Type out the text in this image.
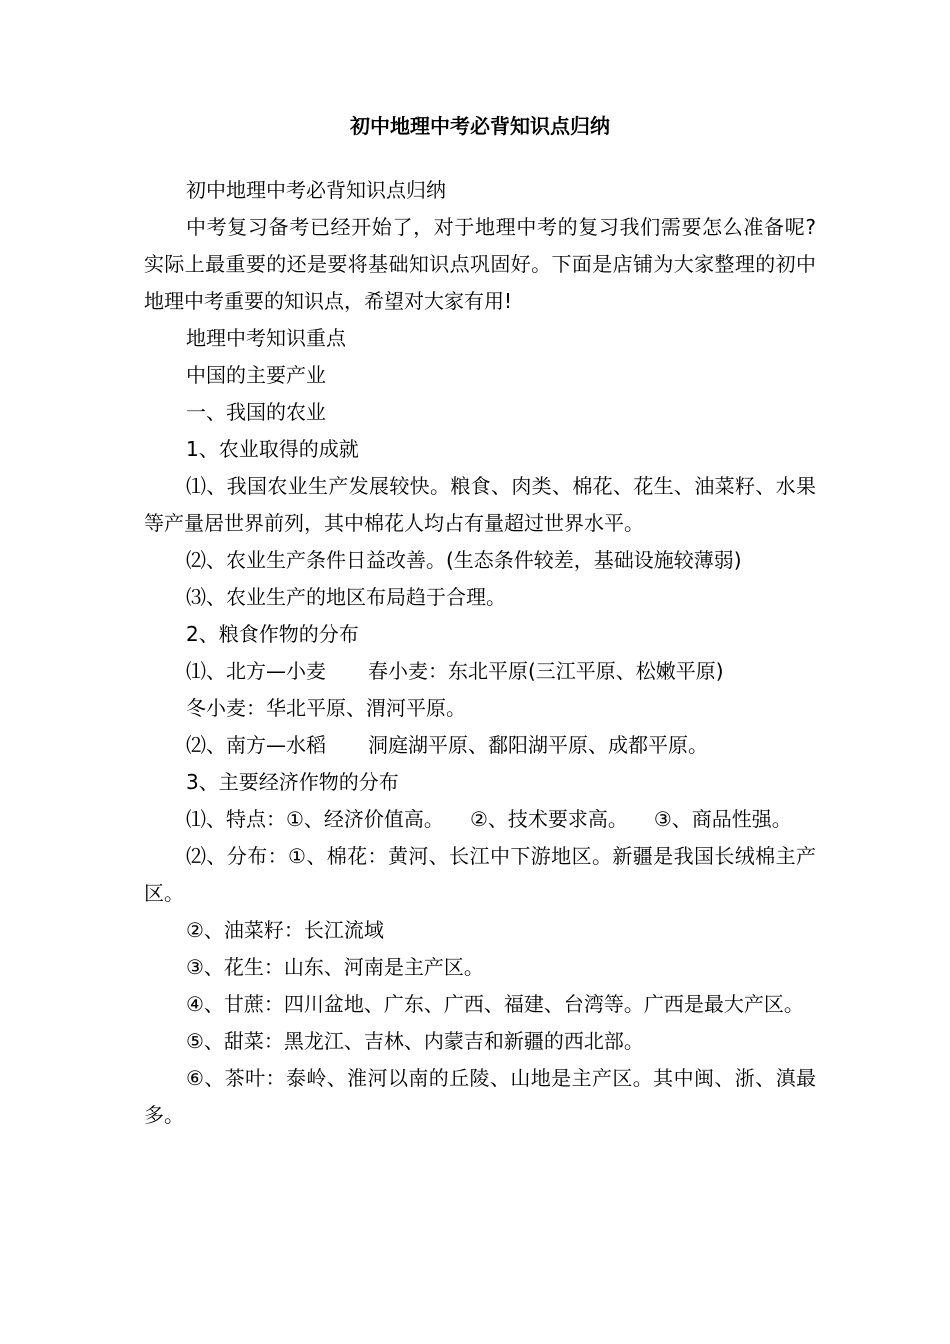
初中地理中考必背知识点归纳

初中地理中考必背知识点归纳

中考复习备考已经开始了，对于地理中考的复习我们需要怎么准备呢?实际上最重要的还是要将基础知识点巩固好。下面是店铺为大家整理的初中地理中考重要的知识点，希望对大家有用!

地理中考知识重点

中国的主要产业

一、我国的农业

1、农业取得的成就

⑴、我国农业生产发展较快。粮食、肉类、棉花、花生、油菜籽、水果等产量居世界前列，其中棉花人均占有量超过世界水平。

⑵、农业生产条件日益改善。(生态条件较差，基础设施较薄弱)

⑶、农业生产的地区布局趋于合理。

2、粮食作物的分布

⑴、北方—小麦 春小麦：东北平原(三江平原、松嫩平原)

冬小麦：华北平原、渭河平原。

⑵、南方—水稻 洞庭湖平原、鄱阳湖平原、成都平原。

3、主要经济作物的分布

⑴、特点：①、经济价值高。 ②、技术要求高。 ③、商品性强。

⑵、分布：①、棉花：黄河、长江中下游地区。新疆是我国长绒棉主产区。

②、油菜籽：长江流域

③、花生：山东、河南是主产区。

④、甘蔗：四川盆地、广东、广西、福建、台湾等。广西是最大产区。

⑤、甜菜：黑龙江、吉林、内蒙吉和新疆的西北部。

⑥、茶叶：泰岭、淮河以南的丘陵、山地是主产区。其中闽、浙、滇最多。
